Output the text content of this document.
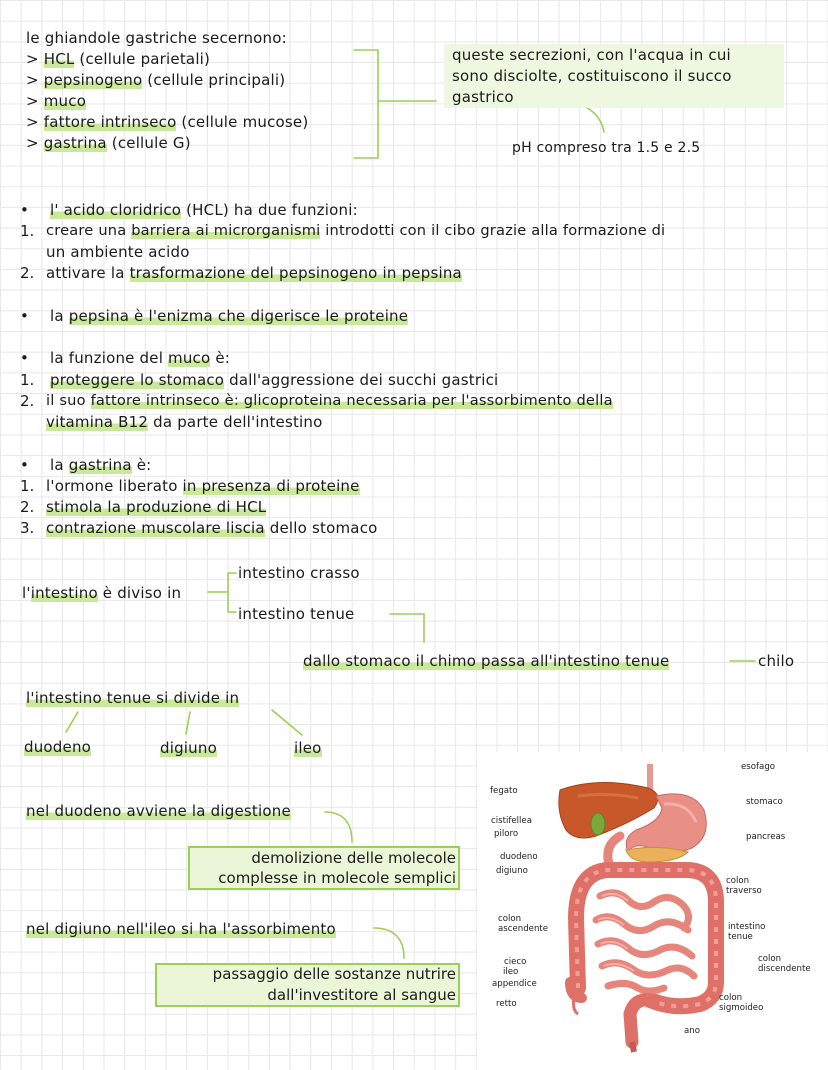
le ghiandole gastriche secernono:
> HCL (cellule parietali)
> pepsinogeno (cellule principali)
> muco
> fattore intrinseco (cellule mucose)
> gastrina (cellule G)
queste secrezioni, con l'acqua in cui
sono disciolte, costituiscono il succo
gastrico
pH compreso tra 1.5 e 2.5
• l' acido cloridrico (HCL) ha due funzioni:
1. creare una barriera ai microrganismi introdotti con il cibo grazie alla formazione di
un ambiente acido
2. attivare la trasformazione del pepsinogeno in pepsina
• la pepsina è l'enizma che digerisce le proteine
• la funzione del muco è:
1. proteggere lo stomaco dall'aggressione dei succhi gastrici
2. il suo fattore intrinseco è: glicoproteina necessaria per l'assorbimento della
vitamina B12 da parte dell'intestino
• la gastrina è:
1. l'ormone liberato in presenza di proteine
2. stimola la produzione di HCL
3. contrazione muscolare liscia dello stomaco
l'intestino è diviso in
intestino crasso
intestino tenue
dallo stomaco il chimo passa all'intestino tenue	chilo
l'intestino tenue si divide in
duodeno	digiuno	ileo
nel duodeno avviene la digestione
demolizione delle molecole
complesse in molecole semplici
nel digiuno nell'ileo si ha l'assorbimento
passaggio delle sostanze nutrire
dall'investitore al sangue
fegato
cistifellea
piloro
duodeno
digiuno
colon ascendente
cieco
ileo
appendice
retto
esofago
stomaco
pancreas
colon traverso
intestino tenue
colon discendente
colon sigmoideo
ano
